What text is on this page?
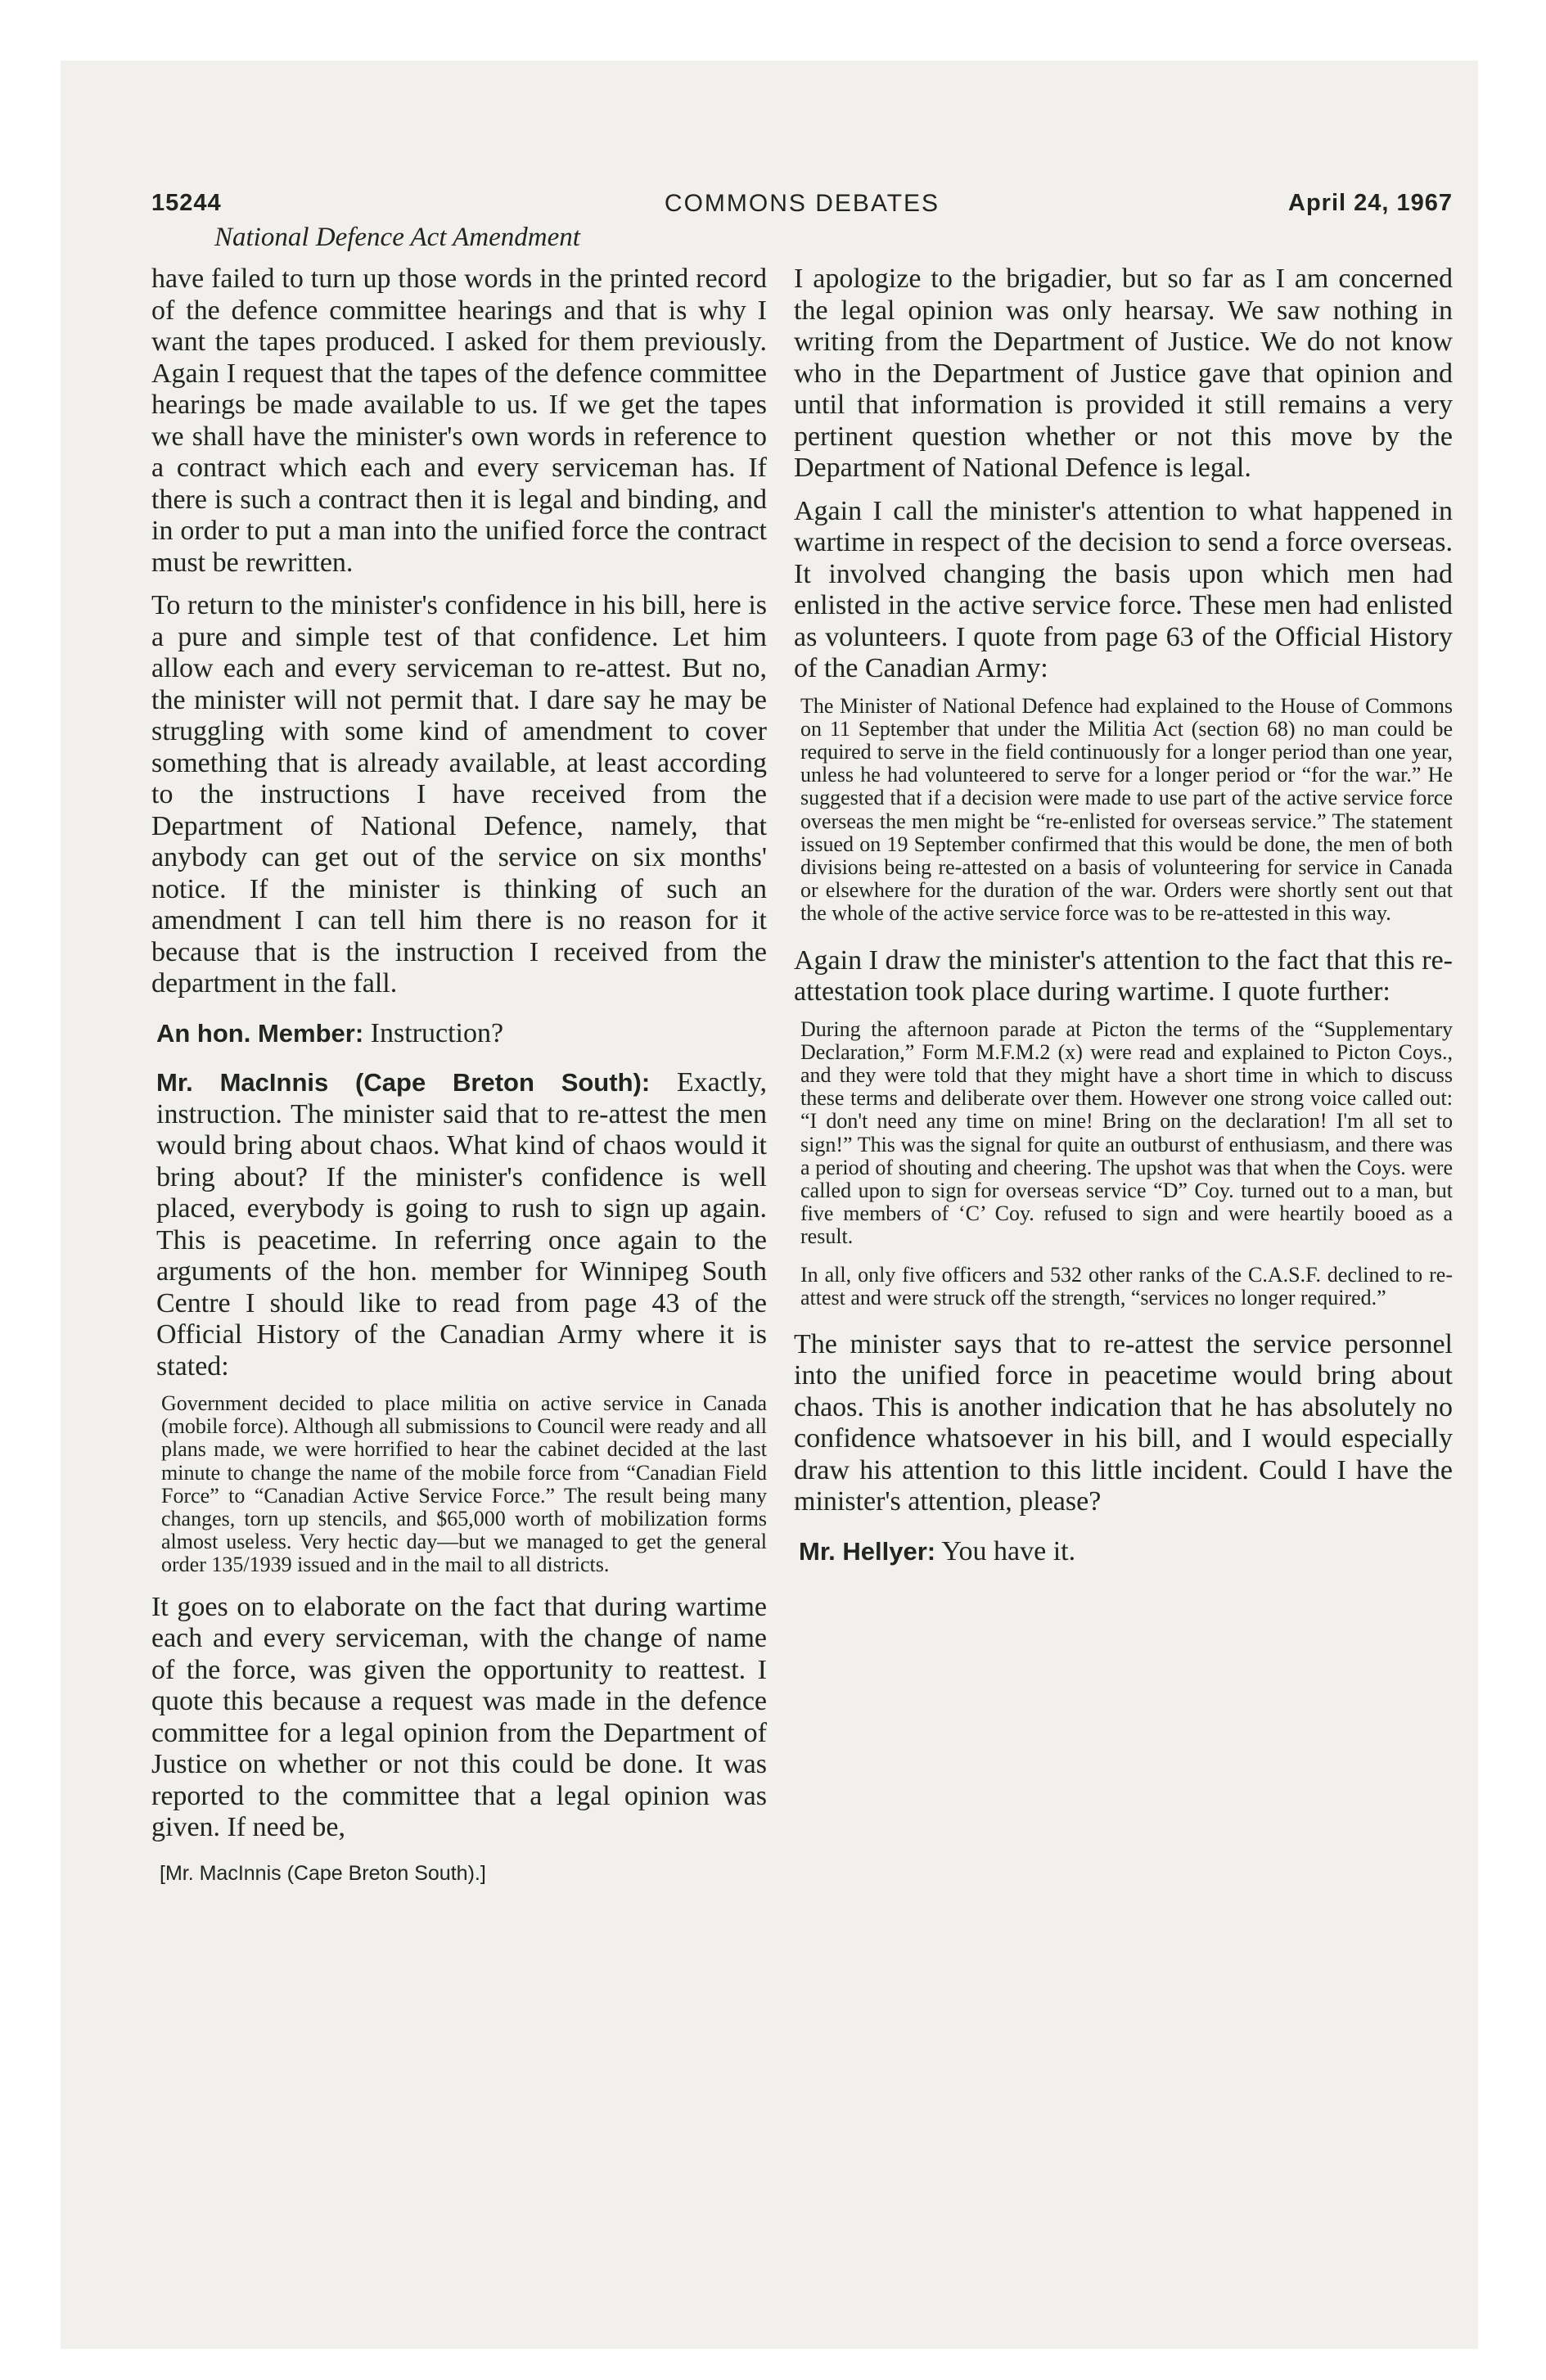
15244	COMMONS DEBATES	April 24, 1967
National Defence Act Amendment

have failed to turn up those words in the printed record of the defence committee hearings and that is why I want the tapes produced. I asked for them previously. Again I request that the tapes of the defence committee hearings be made available to us. If we get the tapes we shall have the minister's own words in reference to a contract which each and every serviceman has. If there is such a contract then it is legal and binding, and in order to put a man into the unified force the contract must be rewritten.

To return to the minister's confidence in his bill, here is a pure and simple test of that confidence. Let him allow each and every serviceman to re-attest. But no, the minister will not permit that. I dare say he may be struggling with some kind of amendment to cover something that is already available, at least according to the instructions I have received from the Department of National Defence, namely, that anybody can get out of the service on six months' notice. If the minister is thinking of such an amendment I can tell him there is no reason for it because that is the instruction I received from the department in the fall.

An hon. Member: Instruction?

Mr. MacInnis (Cape Breton South): Exactly, instruction. The minister said that to re-attest the men would bring about chaos. What kind of chaos would it bring about? If the minister's confidence is well placed, everybody is going to rush to sign up again. This is peacetime. In referring once again to the arguments of the hon. member for Winnipeg South Centre I should like to read from page 43 of the Official History of the Canadian Army where it is stated:

Government decided to place militia on active service in Canada (mobile force). Although all submissions to Council were ready and all plans made, we were horrified to hear the cabinet decided at the last minute to change the name of the mobile force from “Canadian Field Force” to “Canadian Active Service Force.” The result being many changes, torn up stencils, and $65,000 worth of mobilization forms almost useless. Very hectic day—but we managed to get the general order 135/1939 issued and in the mail to all districts.

It goes on to elaborate on the fact that during wartime each and every serviceman, with the change of name of the force, was given the opportunity to reattest. I quote this because a request was made in the defence committee for a legal opinion from the Department of Justice on whether or not this could be done. It was reported to the committee that a legal opinion was given. If need be,

[Mr. MacInnis (Cape Breton South).]

I apologize to the brigadier, but so far as I am concerned the legal opinion was only hearsay. We saw nothing in writing from the Department of Justice. We do not know who in the Department of Justice gave that opinion and until that information is provided it still remains a very pertinent question whether or not this move by the Department of National Defence is legal.

Again I call the minister's attention to what happened in wartime in respect of the decision to send a force overseas. It involved changing the basis upon which men had enlisted in the active service force. These men had enlisted as volunteers. I quote from page 63 of the Official History of the Canadian Army:

The Minister of National Defence had explained to the House of Commons on 11 September that under the Militia Act (section 68) no man could be required to serve in the field continuously for a longer period than one year, unless he had volunteered to serve for a longer period or “for the war.” He suggested that if a decision were made to use part of the active service force overseas the men might be “re-enlisted for overseas service.” The statement issued on 19 September confirmed that this would be done, the men of both divisions being re-attested on a basis of volunteering for service in Canada or elsewhere for the duration of the war. Orders were shortly sent out that the whole of the active service force was to be re-attested in this way.

Again I draw the minister's attention to the fact that this re-attestation took place during wartime. I quote further:

During the afternoon parade at Picton the terms of the “Supplementary Declaration,” Form M.F.M.2 (x) were read and explained to Picton Coys., and they were told that they might have a short time in which to discuss these terms and deliberate over them. However one strong voice called out: “I don't need any time on mine! Bring on the declaration! I'm all set to sign!” This was the signal for quite an outburst of enthusiasm, and there was a period of shouting and cheering. The upshot was that when the Coys. were called upon to sign for overseas service “D” Coy. turned out to a man, but five members of ‘C’ Coy. refused to sign and were heartily booed as a result.

In all, only five officers and 532 other ranks of the C.A.S.F. declined to re-attest and were struck off the strength, “services no longer required.”

The minister says that to re-attest the service personnel into the unified force in peacetime would bring about chaos. This is another indication that he has absolutely no confidence whatsoever in his bill, and I would especially draw his attention to this little incident. Could I have the minister's attention, please?

Mr. Hellyer: You have it.
